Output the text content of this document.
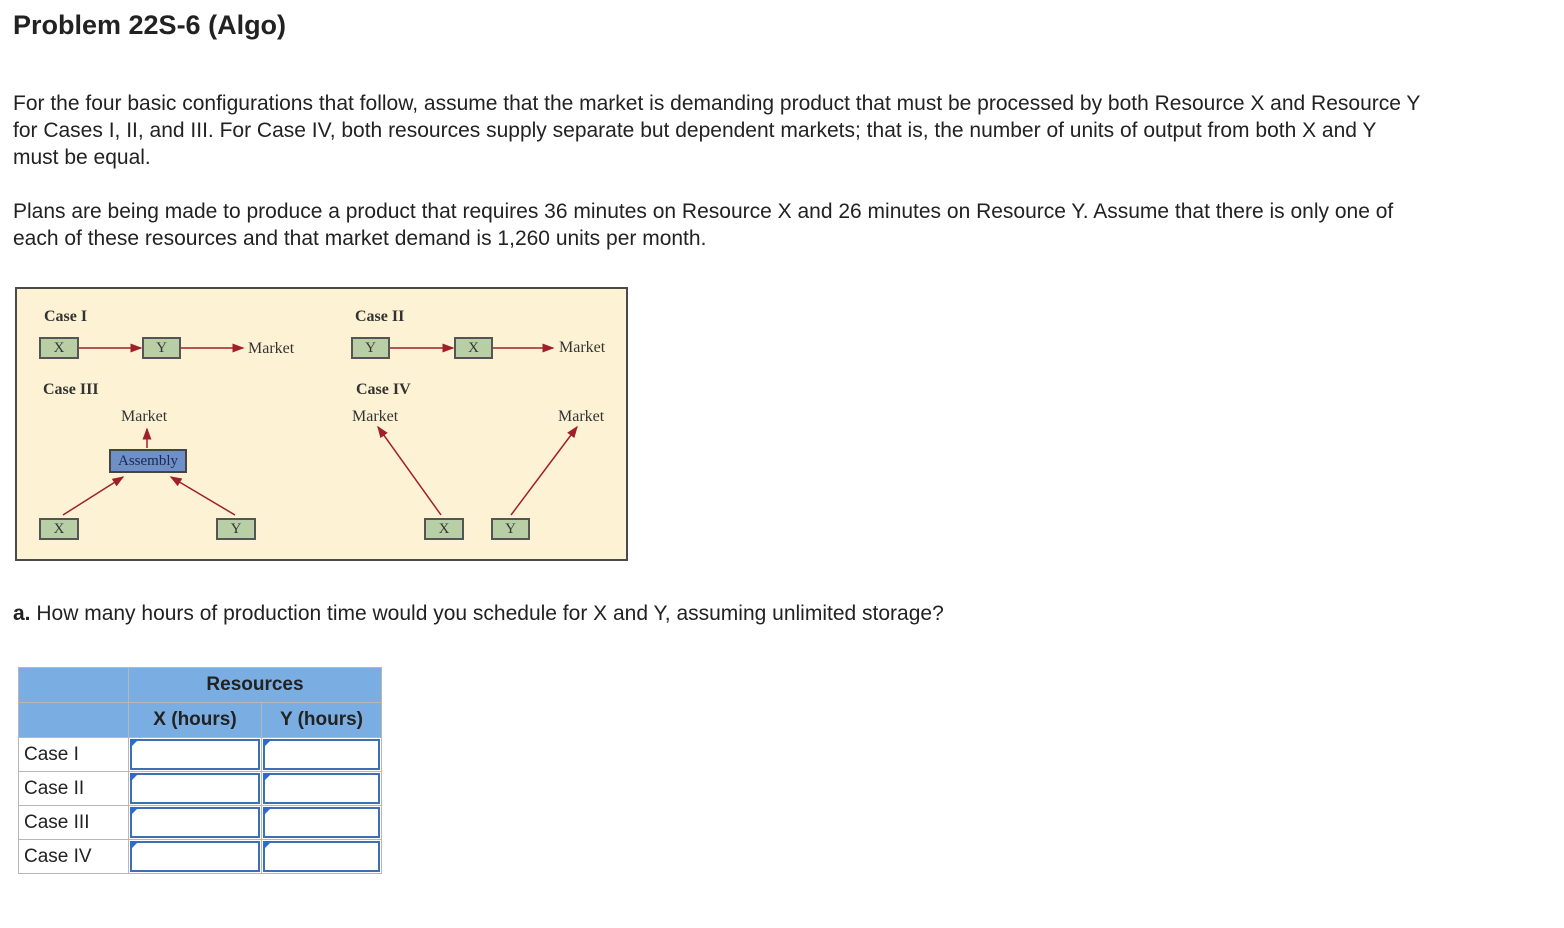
Problem 22S-6 (Algo)
For the four basic configurations that follow, assume that the market is demanding product that must be processed by both Resource X and Resource Y for Cases I, II, and III. For Case IV, both resources supply separate but dependent markets; that is, the number of units of output from both X and Y must be equal.
Plans are being made to produce a product that requires 36 minutes on Resource X and 26 minutes on Resource Y. Assume that there is only one of each of these resources and that market demand is 1,260 units per month.
Case I
X	Y	Market
Case II
Y	X	Market
Case III
Market
Assembly
X	Y
Case IV
Market	Market
X	Y
a. How many hours of production time would you schedule for X and Y, assuming unlimited storage?
	Resources	
	X (hours)	Y (hours)
Case I	

Case II	

Case III	

Case IV	
